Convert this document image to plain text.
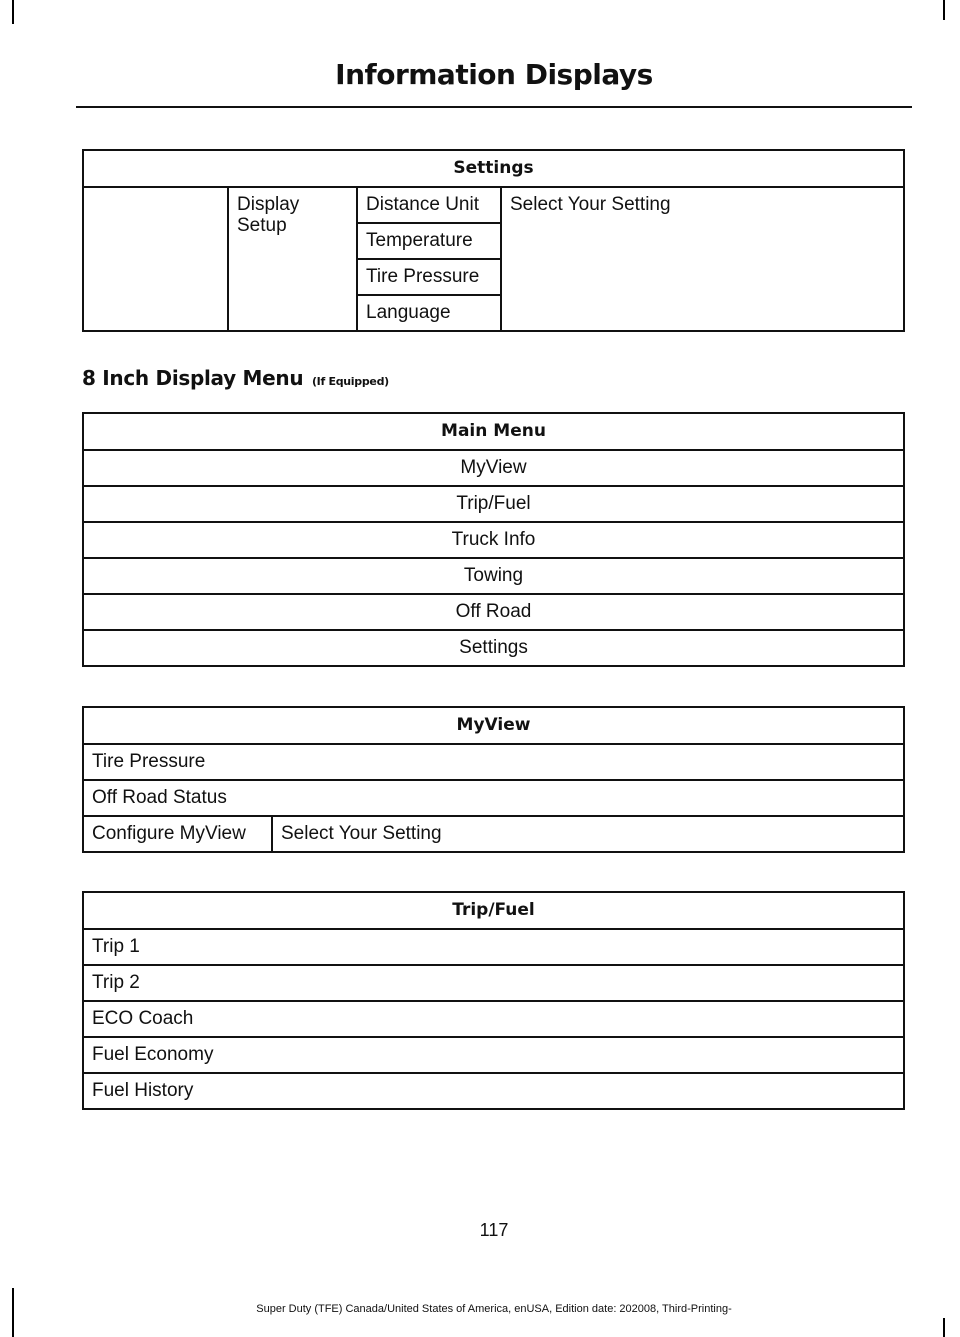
Information Displays
Settings
	Display Setup	Distance Unit	Select Your Setting
Temperature
Tire Pressure
Language
8 Inch Display Menu (If Equipped)
Main Menu
MyView
Trip/Fuel
Truck Info
Towing
Off Road
Settings
MyView
Tire Pressure
Off Road Status
Configure MyView	Select Your Setting
Trip/Fuel
Trip 1
Trip 2
ECO Coach
Fuel Economy
Fuel History
117
Super Duty (TFE) Canada/United States of America, enUSA, Edition date: 202008, Third-Printing-
